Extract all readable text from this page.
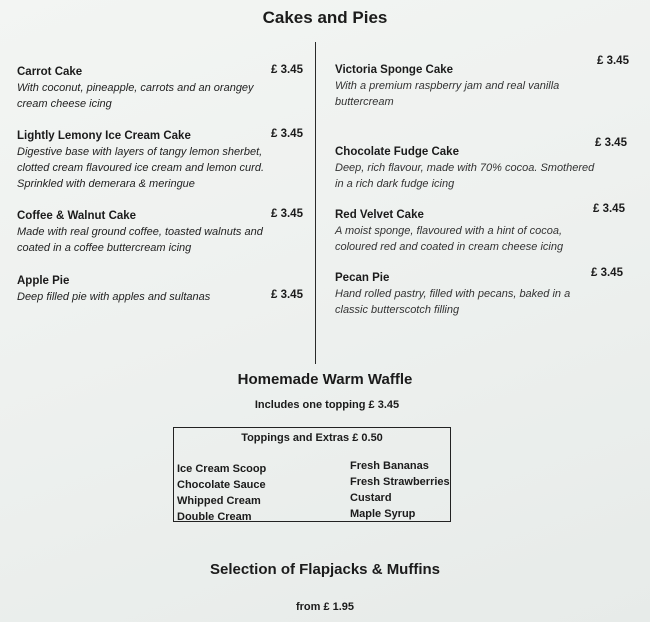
Cakes and Pies
Carrot Cake
With coconut, pineapple, carrots and an orangey
cream cheese icing
£ 3.45
Lightly Lemony Ice Cream Cake
Digestive base with layers of tangy lemon sherbet,
clotted cream flavoured ice cream and lemon curd.
Sprinkled with demerara & meringue
£ 3.45
Coffee & Walnut Cake
Made with real ground coffee, toasted walnuts and
coated in a coffee buttercream icing
£ 3.45
Apple Pie
Deep filled pie with apples and sultanas	£ 3.45
£ 3.45
Victoria Sponge Cake
With a premium raspberry jam and real vanilla
buttercream
£ 3.45
Chocolate Fudge Cake
Deep, rich flavour, made with 70% cocoa. Smothered
in a rich dark fudge icing
£ 3.45
Red Velvet Cake
A moist sponge, flavoured with a hint of cocoa,
coloured red and coated in cream cheese icing
£ 3.45
Pecan Pie
Hand rolled pastry, filled with pecans, baked in a
classic butterscotch filling
Homemade Warm Waffle
Includes one topping £ 3.45
Toppings and Extras £ 0.50
Ice Cream Scoop
Chocolate Sauce
Whipped Cream
Double Cream
Fresh Bananas
Fresh Strawberries
Custard
Maple Syrup
Selection of Flapjacks & Muffins
from £ 1.95
